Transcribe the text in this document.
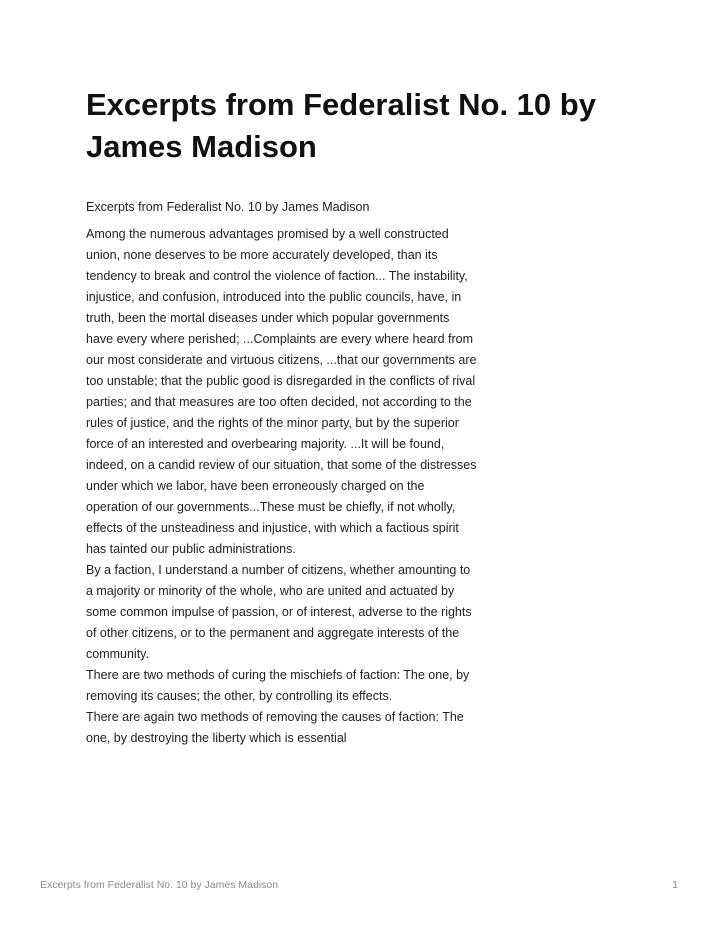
Excerpts from Federalist No. 10 by James Madison

Excerpts from Federalist No. 10 by James Madison

Among the numerous advantages promised by a well constructed union, none deserves to be more accurately developed, than its tendency to break and control the violence of faction... The instability, injustice, and confusion, introduced into the public councils, have, in truth, been the mortal diseases under which popular governments have every where perished; ...Complaints are every where heard from our most considerate and virtuous citizens, ...that our governments are too unstable; that the public good is disregarded in the conflicts of rival parties; and that measures are too often decided, not according to the rules of justice, and the rights of the minor party, but by the superior force of an interested and overbearing majority. ...It will be found, indeed, on a candid review of our situation, that some of the distresses under which we labor, have been erroneously charged on the operation of our governments...These must be chiefly, if not wholly, effects of the unsteadiness and injustice, with which a factious spirit has tainted our public administrations.

By a faction, I understand a number of citizens, whether amounting to a majority or minority of the whole, who are united and actuated by some common impulse of passion, or of interest, adverse to the rights of other citizens, or to the permanent and aggregate interests of the community.

There are two methods of curing the mischiefs of faction: The one, by removing its causes; the other, by controlling its effects.

There are again two methods of removing the causes of faction: The one, by destroying the liberty which is essential

Excerpts from Federalist No. 10 by James Madison	1
